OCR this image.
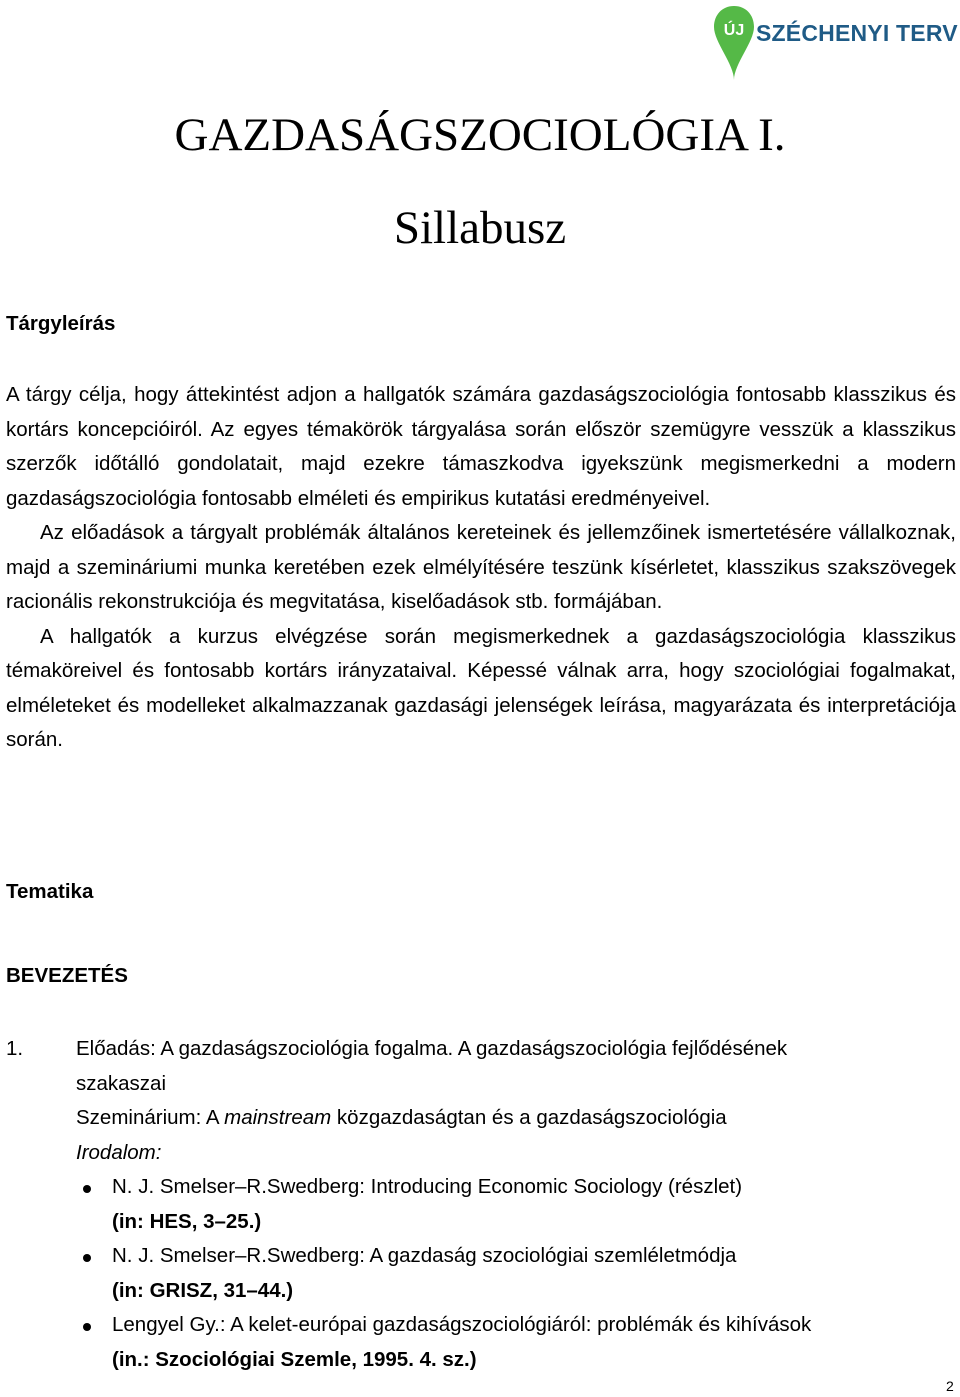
ÚJ SZÉCHENYI TERV
GAZDASÁGSZOCIOLÓGIA I.
Sillabusz
Tárgyleírás

A tárgy célja, hogy áttekintést adjon a hallgatók számára gazdaságszociológia fontosabb klasszikus és kortárs koncepcióiról. Az egyes témakörök tárgyalása során először szemügyre vesszük a klasszikus szerzők időtálló gondolatait, majd ezekre támaszkodva igyekszünk megismerkedni a modern gazdaságszociológia fontosabb elméleti és empirikus kutatási eredményeivel.

Az előadások a tárgyalt problémák általános kereteinek és jellemzőinek ismertetésére vállalkoznak, majd a szemináriumi munka keretében ezek elmélyítésére teszünk kísérletet, klasszikus szakszövegek racionális rekonstrukciója és megvitatása, kiselőadások stb. formájában.

A hallgatók a kurzus elvégzése során megismerkednek a gazdaságszociológia klasszikus témaköreivel és fontosabb kortárs irányzataival. Képessé válnak arra, hogy szociológiai fogalmakat, elméleteket és modelleket alkalmazzanak gazdasági jelenségek leírása, magyarázata és interpretációja során.

Tematika
BEVEZETÉS
1.	Előadás: A gazdaságszociológia fogalma. A gazdaságszociológia fejlődésének
szakaszai
Szeminárium: A mainstream közgazdaságtan és a gazdaságszociológia
Irodalom:
N. J. Smelser–R.Swedberg: Introducing Economic Sociology (részlet)
(in: HES, 3–25.)
N. J. Smelser–R.Swedberg: A gazdaság szociológiai szemléletmódja
(in: GRISZ, 31–44.)
Lengyel Gy.: A kelet-európai gazdaságszociológiáról: problémák és kihívások
(in.: Szociológiai Szemle, 1995. 4. sz.)
2
